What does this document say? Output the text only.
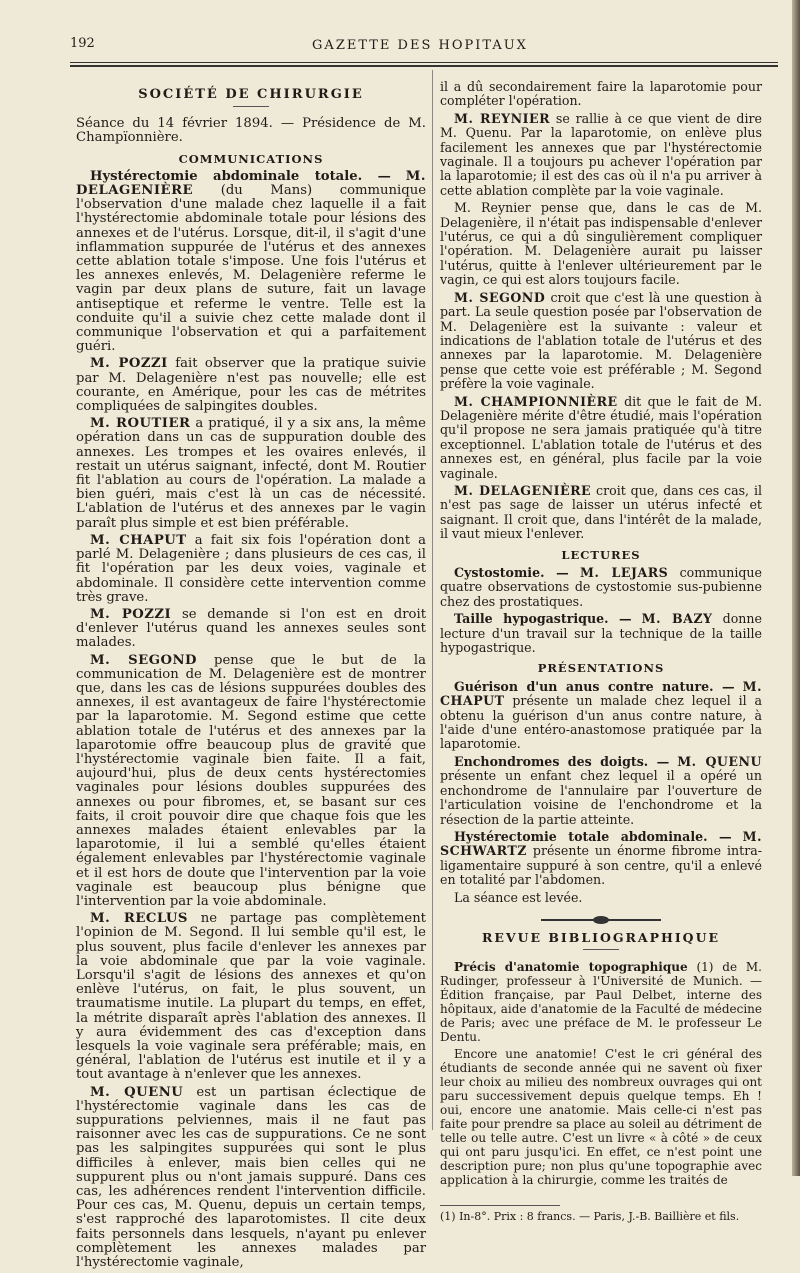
192	GAZETTE DES HOPITAUX
SOCIÉTÉ DE CHIRURGIE

Séance du 14 février 1894. — Présidence de M. Champïonnière.

COMMUNICATIONS

Hystérectomie abdominale totale. — M. DELAGENIÈRE (du Mans) communique l'observation d'une malade chez laquelle il a fait l'hystérectomie abdominale totale pour lésions des annexes et de l'utérus. Lorsque, dit-il, il s'agit d'une inflammation suppurée de l'utérus et des annexes cette ablation totale s'impose. Une fois l'utérus et les annexes enlevés, M. Delagenière referme le vagin par deux plans de suture, fait un lavage antiseptique et referme le ventre. Telle est la conduite qu'il a suivie chez cette malade dont il communique l'observation et qui a parfaitement guéri.

M. POZZI fait observer que la pratique suivie par M. Delagenière n'est pas nouvelle; elle est courante, en Amérique, pour les cas de métrites compliquées de salpingites doubles.

M. ROUTIER a pratiqué, il y a six ans, la même opération dans un cas de suppuration double des annexes. Les trompes et les ovaires enlevés, il restait un utérus saignant, infecté, dont M. Routier fit l'ablation au cours de l'opération. La malade a bien guéri, mais c'est là un cas de nécessité. L'ablation de l'utérus et des annexes par le vagin paraît plus simple et est bien préférable.

M. CHAPUT a fait six fois l'opération dont a parlé M. Delagenière ; dans plusieurs de ces cas, il fit l'opération par les deux voies, vaginale et abdominale. Il considère cette intervention comme très grave.

M. POZZI se demande si l'on est en droit d'enlever l'utérus quand les annexes seules sont malades.

M. SEGOND pense que le but de la communication de M. Delagenière est de montrer que, dans les cas de lésions suppurées doubles des annexes, il est avantageux de faire l'hystérectomie par la laparotomie. M. Segond estime que cette ablation totale de l'utérus et des annexes par la laparotomie offre beaucoup plus de gravité que l'hystérectomie vaginale bien faite. Il a fait, aujourd'hui, plus de deux cents hystérectomies vaginales pour lésions doubles suppurées des annexes ou pour fibromes, et, se basant sur ces faits, il croit pouvoir dire que chaque fois que les annexes malades étaient enlevables par la laparotomie, il lui a semblé qu'elles étaient également enlevables par l'hystérectomie vaginale et il est hors de doute que l'intervention par la voie vaginale est beaucoup plus bénigne que l'intervention par la voie abdominale.

M. RECLUS ne partage pas complètement l'opinion de M. Segond. Il lui semble qu'il est, le plus souvent, plus facile d'enlever les annexes par la voie abdominale que par la voie vaginale. Lorsqu'il s'agit de lésions des annexes et qu'on enlève l'utérus, on fait, le plus souvent, un traumatisme inutile. La plupart du temps, en effet, la métrite disparaît après l'ablation des annexes. Il y aura évidemment des cas d'exception dans lesquels la voie vaginale sera préférable; mais, en général, l'ablation de l'utérus est inutile et il y a tout avantage à n'enlever que les annexes.

M. QUENU est un partisan éclectique de l'hystérectomie vaginale dans les cas de suppurations pelviennes, mais il ne faut pas raisonner avec les cas de suppurations. Ce ne sont pas les salpingites suppurées qui sont le plus difficiles à enlever, mais bien celles qui ne suppurent plus ou n'ont jamais suppuré. Dans ces cas, les adhérences rendent l'intervention difficile. Pour ces cas, M. Quenu, depuis un certain temps, s'est rapproché des laparotomistes. Il cite deux faits personnels dans lesquels, n'ayant pu enlever complètement les annexes malades par l'hystérectomie vaginale,

il a dû secondairement faire la laparotomie pour compléter l'opération.

M. REYNIER se rallie à ce que vient de dire M. Quenu. Par la laparotomie, on enlève plus facilement les annexes que par l'hystérectomie vaginale. Il a toujours pu achever l'opération par la laparotomie; il est des cas où il n'a pu arriver à cette ablation complète par la voie vaginale.

M. Reynier pense que, dans le cas de M. Delagenière, il n'était pas indispensable d'enlever l'utérus, ce qui a dû singulièrement compliquer l'opération. M. Delagenière aurait pu laisser l'utérus, quitte à l'enlever ultérieurement par le vagin, ce qui est alors toujours facile.

M. SEGOND croit que c'est là une question à part. La seule question posée par l'observation de M. Delagenière est la suivante : valeur et indications de l'ablation totale de l'utérus et des annexes par la laparotomie. M. Delagenière pense que cette voie est préférable ; M. Segond préfère la voie vaginale.

M. CHAMPIONNIÈRE dit que le fait de M. Delagenière mérite d'être étudié, mais l'opération qu'il propose ne sera jamais pratiquée qu'à titre exceptionnel. L'ablation totale de l'utérus et des annexes est, en général, plus facile par la voie vaginale.

M. DELAGENIÈRE croit que, dans ces cas, il n'est pas sage de laisser un utérus infecté et saignant. Il croit que, dans l'intérêt de la malade, il vaut mieux l'enlever.

LECTURES

Cystostomie. — M. LEJARS communique quatre observations de cystostomie sus-pubienne chez des prostatiques.

Taille hypogastrique. — M. BAZY donne lecture d'un travail sur la technique de la taille hypogastrique.

PRÉSENTATIONS

Guérison d'un anus contre nature. — M. CHAPUT présente un malade chez lequel il a obtenu la guérison d'un anus contre nature, à l'aide d'une entéro-anastomose pratiquée par la laparotomie.

Enchondromes des doigts. — M. QUENU présente un enfant chez lequel il a opéré un enchondrome de l'annulaire par l'ouverture de l'articulation voisine de l'enchondrome et la résection de la partie atteinte.

Hystérectomie totale abdominale. — M. SCHWARTZ présente un énorme fibrome intra-ligamentaire suppuré à son centre, qu'il a enlevé en totalité par l'abdomen.

La séance est levée.

REVUE BIBLIOGRAPHIQUE

Précis d'anatomie topographique (1) de M. Rudinger, professeur à l'Université de Munich. — Édition française, par Paul Delbet, interne des hôpitaux, aide d'anatomie de la Faculté de médecine de Paris; avec une préface de M. le professeur Le Dentu.

Encore une anatomie! C'est le cri général des étudiants de seconde année qui ne savent où fixer leur choix au milieu des nombreux ouvrages qui ont paru successivement depuis quelque temps. Eh ! oui, encore une anatomie. Mais celle-ci n'est pas faite pour prendre sa place au soleil au détriment de telle ou telle autre. C'est un livre « à côté » de ceux qui ont paru jusqu'ici. En effet, ce n'est point une description pure; non plus qu'une topographie avec application à la chirurgie, comme les traités de

(1) In-8°. Prix : 8 francs. — Paris, J.-B. Baillière et fils.
